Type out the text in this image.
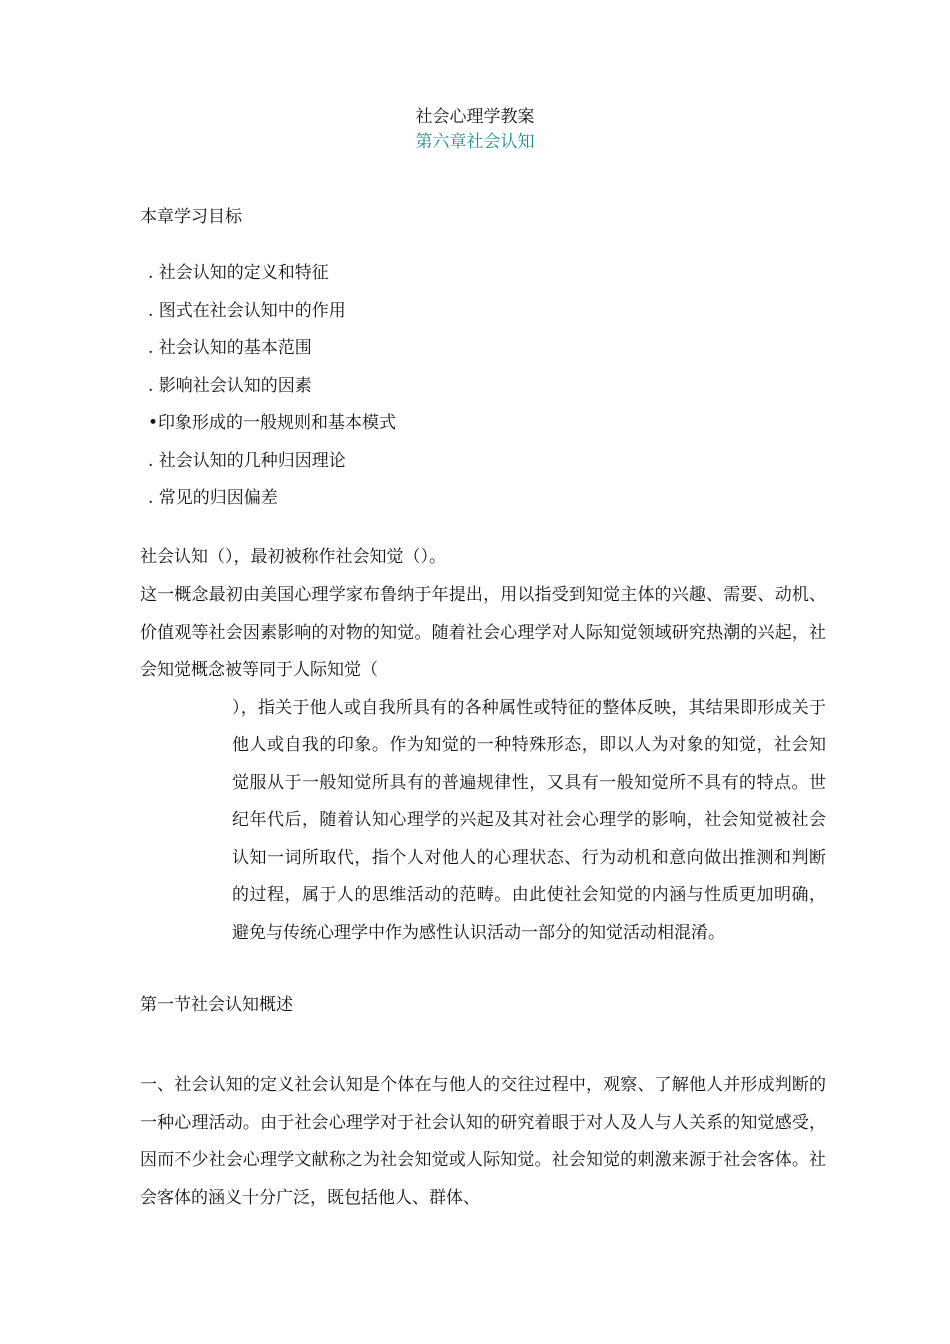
社会心理学教案
第六章社会认知
本章学习目标
. 社会认知的定义和特征
. 图式在社会认知中的作用
. 社会认知的基本范围
. 影响社会认知的因素
•印象形成的一般规则和基本模式
. 社会认知的几种归因理论
. 常见的归因偏差
社会认知（），最初被称作社会知觉（）。
这一概念最初由美国心理学家布鲁纳于年提出，用以指受到知觉主体的兴趣、需要、动机、价值观等社会因素影响的对物的知觉。随着社会心理学对人际知觉领域研究热潮的兴起，社会知觉概念被等同于人际知觉（
），指关于他人或自我所具有的各种属性或特征的整体反映，其结果即形成关于他人或自我的印象。作为知觉的一种特殊形态，即以人为对象的知觉，社会知觉服从于一般知觉所具有的普遍规律性，又具有一般知觉所不具有的特点。世纪年代后，随着认知心理学的兴起及其对社会心理学的影响，社会知觉被社会认知一词所取代，指个人对他人的心理状态、行为动机和意向做出推测和判断的过程，属于人的思维活动的范畴。由此使社会知觉的内涵与性质更加明确，避免与传统心理学中作为感性认识活动一部分的知觉活动相混淆。
第一节社会认知概述
一、社会认知的定义社会认知是个体在与他人的交往过程中，观察、了解他人并形成判断的一种心理活动。由于社会心理学对于社会认知的研究着眼于对人及人与人关系的知觉感受，因而不少社会心理学文献称之为社会知觉或人际知觉。社会知觉的刺激来源于社会客体。社会客体的涵义十分广泛，既包括他人、群体、
